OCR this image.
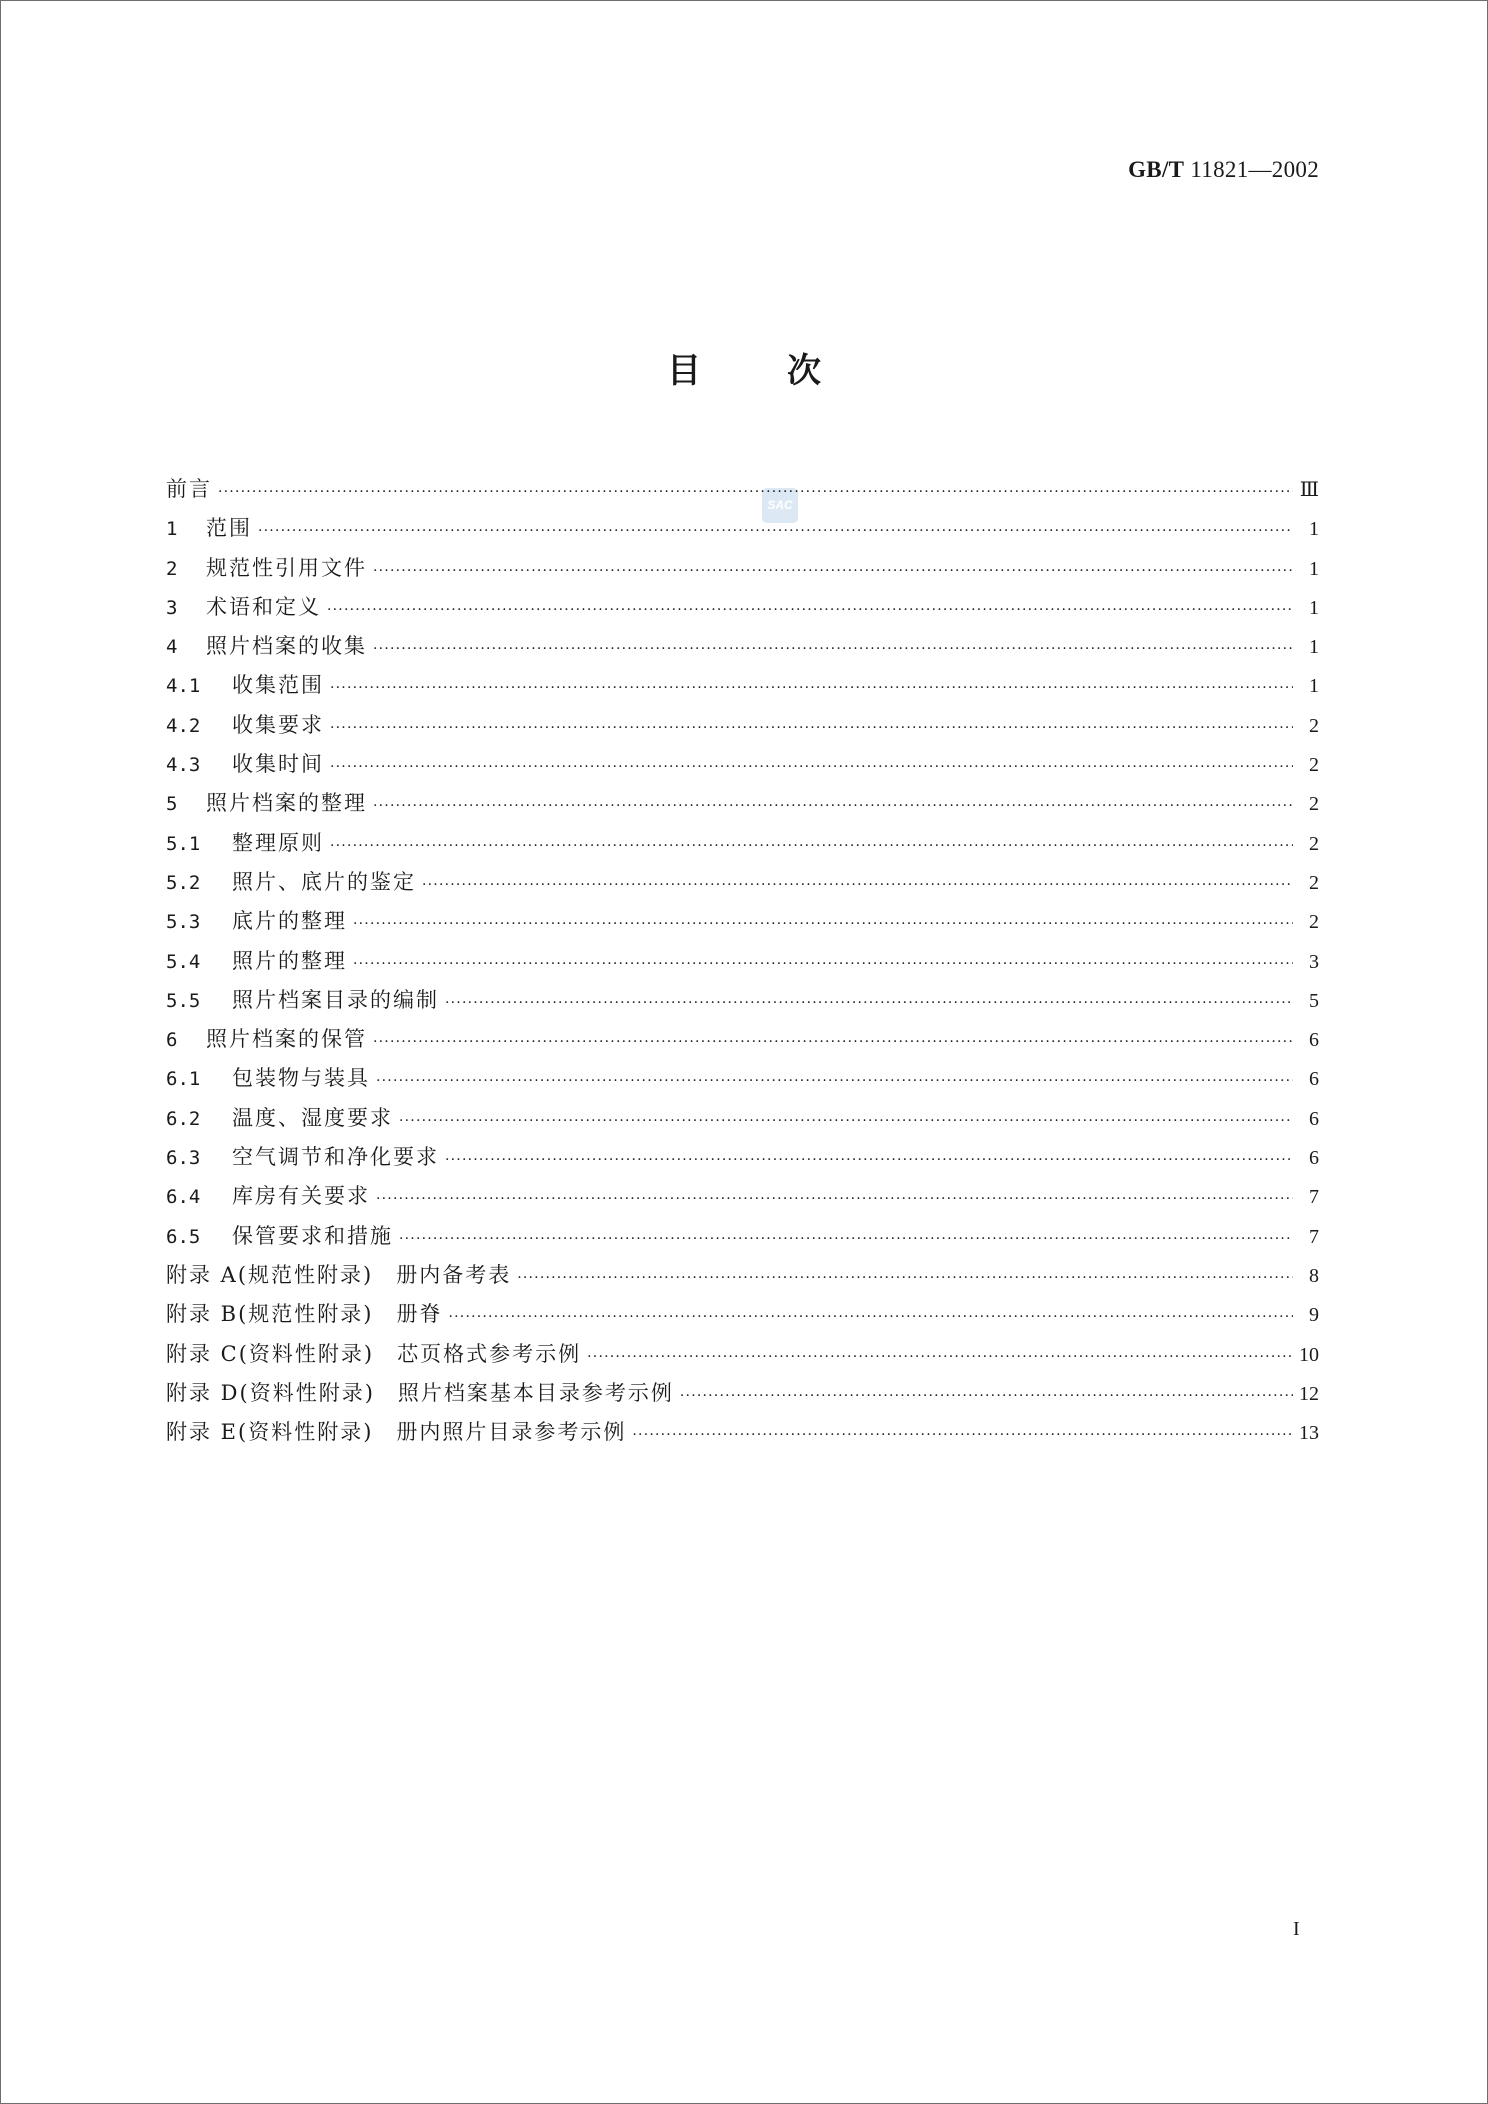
GB/T 11821—2002
目次
SAC
前言 ·····	Ⅲ
1	范围 ·····	1
2	规范性引用文件 ·····	1
3	术语和定义 ·····	1
4	照片档案的收集 ·····	1
4.1	收集范围 ·····	1
4.2	收集要求 ·····	2
4.3	收集时间 ·····	2
5	照片档案的整理 ·····	2
5.1	整理原则 ·····	2
5.2	照片、底片的鉴定 ·····	2
5.3	底片的整理 ·····	2
5.4	照片的整理 ·····	3
5.5	照片档案目录的编制 ·····	5
6	照片档案的保管 ·····	6
6.1	包装物与装具 ·····	6
6.2	温度、湿度要求 ·····	6
6.3	空气调节和净化要求 ·····	6
6.4	库房有关要求 ·····	7
6.5	保管要求和措施 ·····	7
附录 A(规范性附录)　册内备考表 ·····	8
附录 B(规范性附录)　册脊 ·····	9
附录 C(资料性附录)　芯页格式参考示例 ·····	10
附录 D(资料性附录)　照片档案基本目录参考示例 ·····	12
附录 E(资料性附录)　册内照片目录参考示例 ·····	13
I
